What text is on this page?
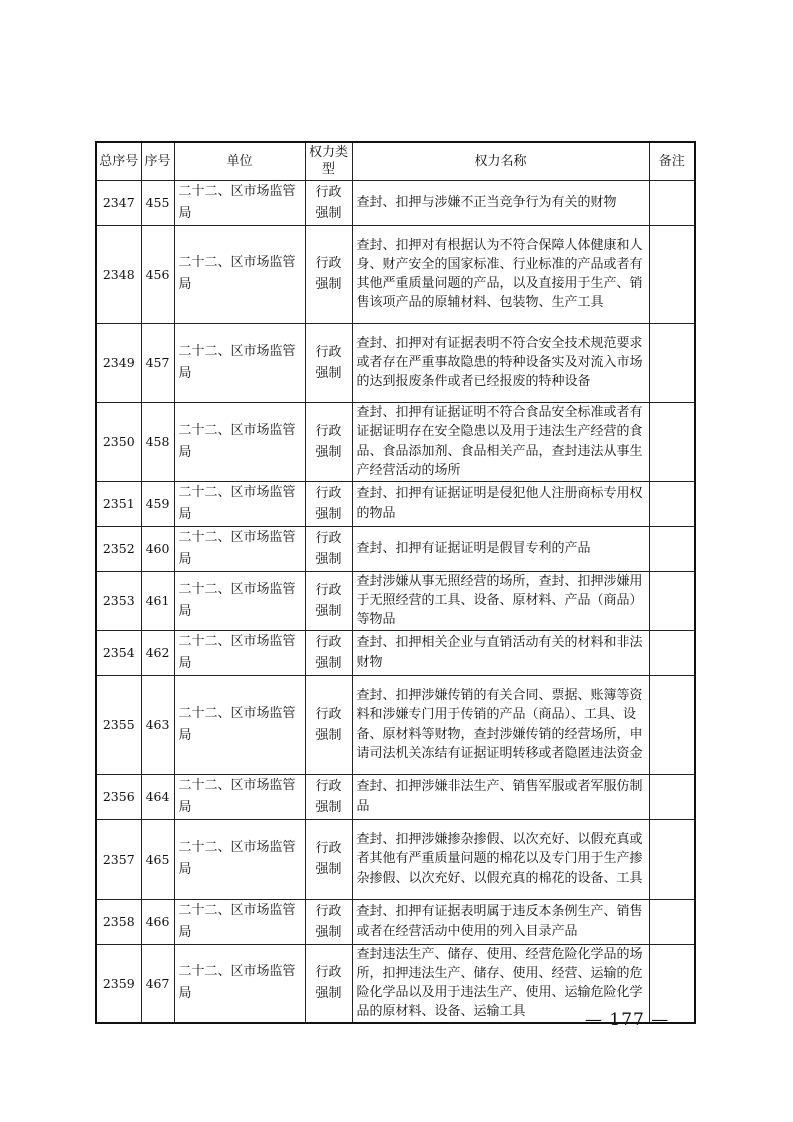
总序号	序号	单位	权力类型	权力名称	备注
2347	455	二十二、区市场监管局	行政强制	查封、扣押与涉嫌不正当竞争行为有关的财物	
2348	456	二十二、区市场监管局	行政强制	查封、扣押对有根据认为不符合保障人体健康和人身、财产安全的国家标准、行业标准的产品或者有其他严重质量问题的产品，以及直接用于生产、销售该项产品的原辅材料、包装物、生产工具	
2349	457	二十二、区市场监管局	行政强制	查封、扣押对有证据表明不符合安全技术规范要求或者存在严重事故隐患的特种设备实及对流入市场的达到报废条件或者已经报废的特种设备	
2350	458	二十二、区市场监管局	行政强制	查封、扣押有证据证明不符合食品安全标准或者有证据证明存在安全隐患以及用于违法生产经营的食品、食品添加剂、食品相关产品，查封违法从事生产经营活动的场所	
2351	459	二十二、区市场监管局	行政强制	查封、扣押有证据证明是侵犯他人注册商标专用权的物品	
2352	460	二十二、区市场监管局	行政强制	查封、扣押有证据证明是假冒专利的产品	
2353	461	二十二、区市场监管局	行政强制	查封涉嫌从事无照经营的场所，查封、扣押涉嫌用于无照经营的工具、设备、原材料、产品（商品）等物品	
2354	462	二十二、区市场监管局	行政强制	查封、扣押相关企业与直销活动有关的材料和非法财物	
2355	463	二十二、区市场监管局	行政强制	查封、扣押涉嫌传销的有关合同、票据、账簿等资料和涉嫌专门用于传销的产品（商品）、工具、设备、原材料等财物，查封涉嫌传销的经营场所，申请司法机关冻结有证据证明转移或者隐匿违法资金	
2356	464	二十二、区市场监管局	行政强制	查封、扣押涉嫌非法生产、销售军服或者军服仿制品	
2357	465	二十二、区市场监管局	行政强制	查封、扣押涉嫌掺杂掺假、以次充好、以假充真或者其他有严重质量问题的棉花以及专门用于生产掺杂掺假、以次充好、以假充真的棉花的设备、工具	
2358	466	二十二、区市场监管局	行政强制	查封、扣押有证据表明属于违反本条例生产、销售或者在经营活动中使用的列入目录产品	
2359	467	二十二、区市场监管局	行政强制	查封违法生产、储存、使用、经营危险化学品的场所，扣押违法生产、储存、使用、经营、运输的危险化学品以及用于违法生产、使用、运输危险化学品的原材料、设备、运输工具		— 177 —
